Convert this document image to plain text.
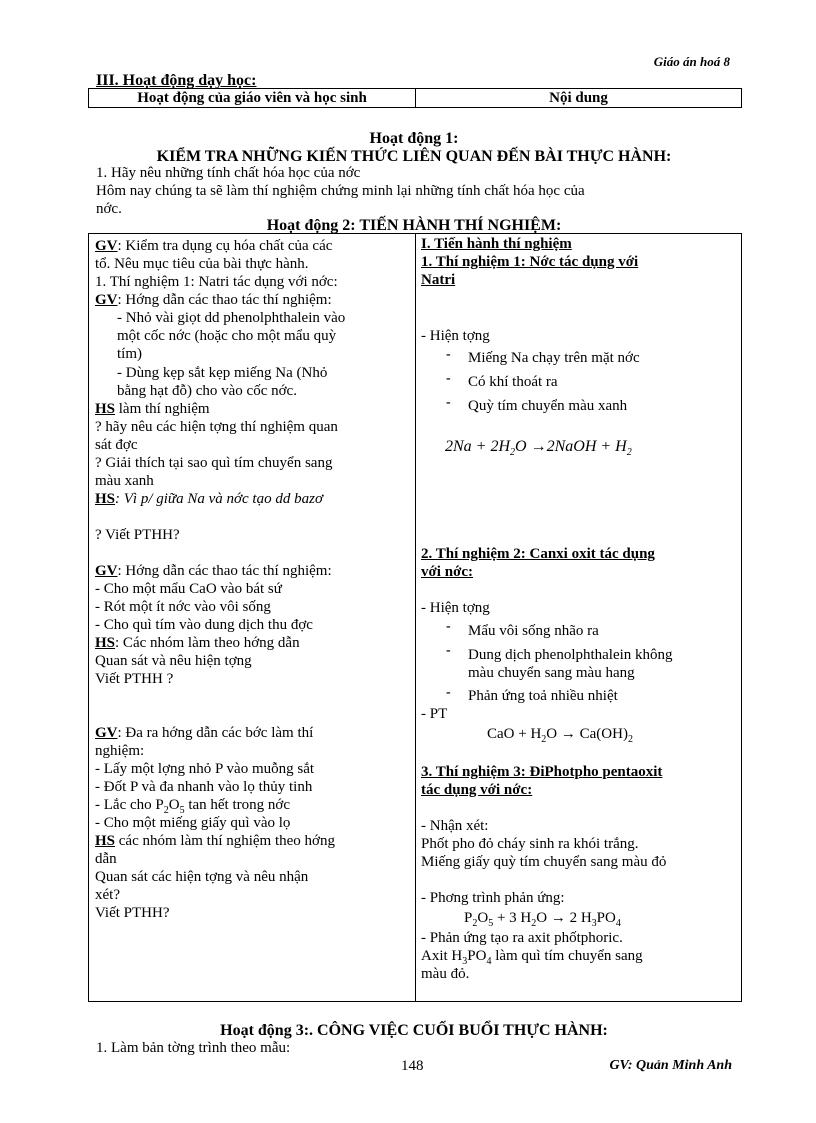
Giáo án hoá 8
III. Hoạt động dạy học:
Hoạt động của giáo viên và học sinh	Nội dung
Hoạt động 1:
KIỂM TRA NHỮNG KIẾN THỨC LIÊN QUAN ĐẾN BÀI THỰC HÀNH:
1. Hãy nêu những tính chất hóa học của nớc
Hôm nay chúng ta sẽ làm thí nghiệm chứng minh lại những tính chất hóa học của
nớc.
Hoạt động 2: TIẾN HÀNH THÍ NGHIỆM:
GV: Kiểm tra dụng cụ hóa chất của các
tổ. Nêu mục tiêu của bài thực hành.
1. Thí nghiệm 1: Natri tác dụng với nớc:
GV: Hớng dẫn các thao tác thí nghiệm:
- Nhỏ vài giọt dd phenolphthalein vào
một cốc nớc (hoặc cho một mẩu quỳ
tím)
- Dùng kẹp sắt kẹp miếng Na (Nhỏ
bằng hạt đỗ) cho vào cốc nớc.
HS làm thí nghiệm
? hãy nêu các hiện tợng thí nghiệm quan
sát đợc
? Giải thích tại sao quì tím chuyển sang
màu xanh
HS: Vì p/ giữa Na và nớc tạo dd bazơ
? Viết PTHH?
GV: Hớng dẫn các thao tác thí nghiệm:
- Cho một mẩu CaO vào bát sứ
- Rót một ít nớc vào vôi sống
- Cho quì tím vào dung dịch thu đợc
HS: Các nhóm làm theo hớng dẫn
Quan sát và nêu hiện tợng
Viết PTHH ?
GV: Đa ra hớng dẫn các bớc làm thí
nghiệm:
- Lấy một lợng nhỏ P vào muỗng sắt
- Đốt P và đa nhanh vào lọ thủy tinh
- Lắc cho $P_2O_5$ tan hết trong nớc
- Cho một miếng giấy quì vào lọ
HS các nhóm làm thí nghiệm theo hớng
dẫn
Quan sát các hiện tợng và nêu nhận
xét?
Viết PTHH?
I. Tiến hành thí nghiệm
1. Thí nghiệm 1: Nớc tác dụng với
Natri
- Hiện tợng
- Miếng Na chạy trên mặt nớc
- Có khí thoát ra
- Quỳ tím chuyển màu xanh
$2Na + 2H_2O$ →2NaOH + $H_2$
2. Thí nghiệm 2: Canxi oxit tác dụng
với nớc:
- Hiện tợng
- Mẩu vôi sống nhão ra
- Dung dịch phenolphthalein không
màu chuyển sang màu hang
- Phản ứng toả nhiều nhiệt
- PT
CaO + $H_2O \to Ca(OH)_2$
3. Thí nghiệm 3: ĐiPhotpho pentaoxit
tác dụng với nớc:
- Nhận xét:
Phốt pho đỏ cháy sinh ra khói trắng.
Miếng giấy quỳ tím chuyển sang màu đỏ
- Phơng trình phản ứng:
$P_2O_5 + 3$ $H_2O \to 2$ $H_3PO_4$
- Phản ứng tạo ra axit phốtphoric.
Axit $H_3PO_4$ làm quì tím chuyển sang
màu đỏ.
Hoạt động 3:. CÔNG VIỆC CUỐI BUỔI THỰC HÀNH:
1. Làm bản tờng trình theo mẫu:
148	GV: Quản Minh Anh
